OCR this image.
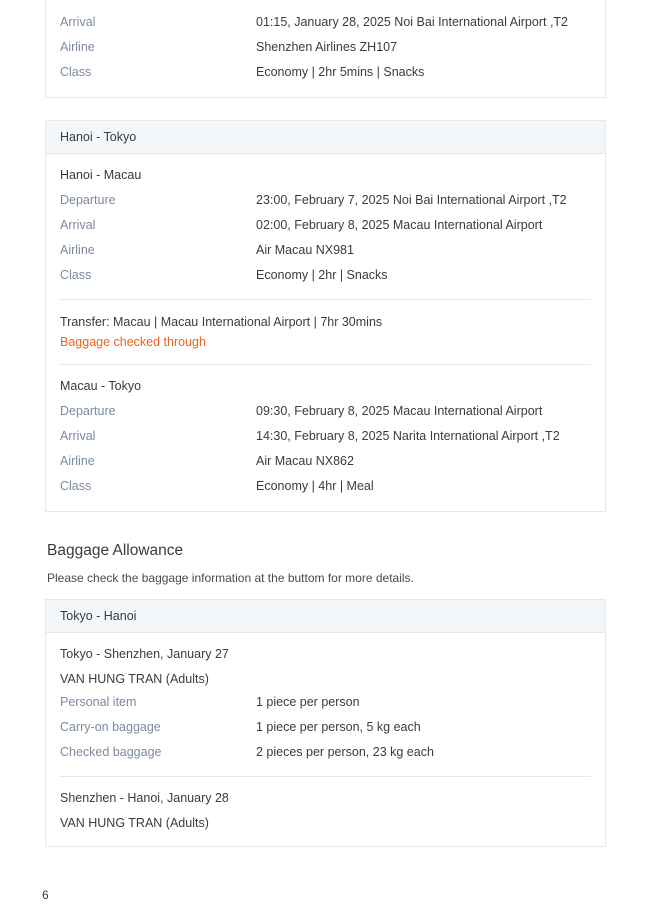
Arrival	01:15, January 28, 2025 Noi Bai International Airport ,T2
Airline	Shenzhen Airlines ZH107
Class	Economy | 2hr 5mins | Snacks
Hanoi - Tokyo
Hanoi - Macau
Departure	23:00, February 7, 2025 Noi Bai International Airport ,T2
Arrival	02:00, February 8, 2025 Macau International Airport
Airline	Air Macau NX981
Class	Economy | 2hr | Snacks
Transfer: Macau | Macau International Airport | 7hr 30mins
Baggage checked through
Macau - Tokyo
Departure	09:30, February 8, 2025 Macau International Airport
Arrival	14:30, February 8, 2025 Narita International Airport ,T2
Airline	Air Macau NX862
Class	Economy | 4hr | Meal
Baggage Allowance
Please check the baggage information at the buttom for more details.
Tokyo - Hanoi
Tokyo - Shenzhen, January 27
VAN HUNG TRAN (Adults)
Personal item	1 piece per person
Carry-on baggage	1 piece per person, 5 kg each
Checked baggage	2 pieces per person, 23 kg each
Shenzhen - Hanoi, January 28
VAN HUNG TRAN (Adults)
6
